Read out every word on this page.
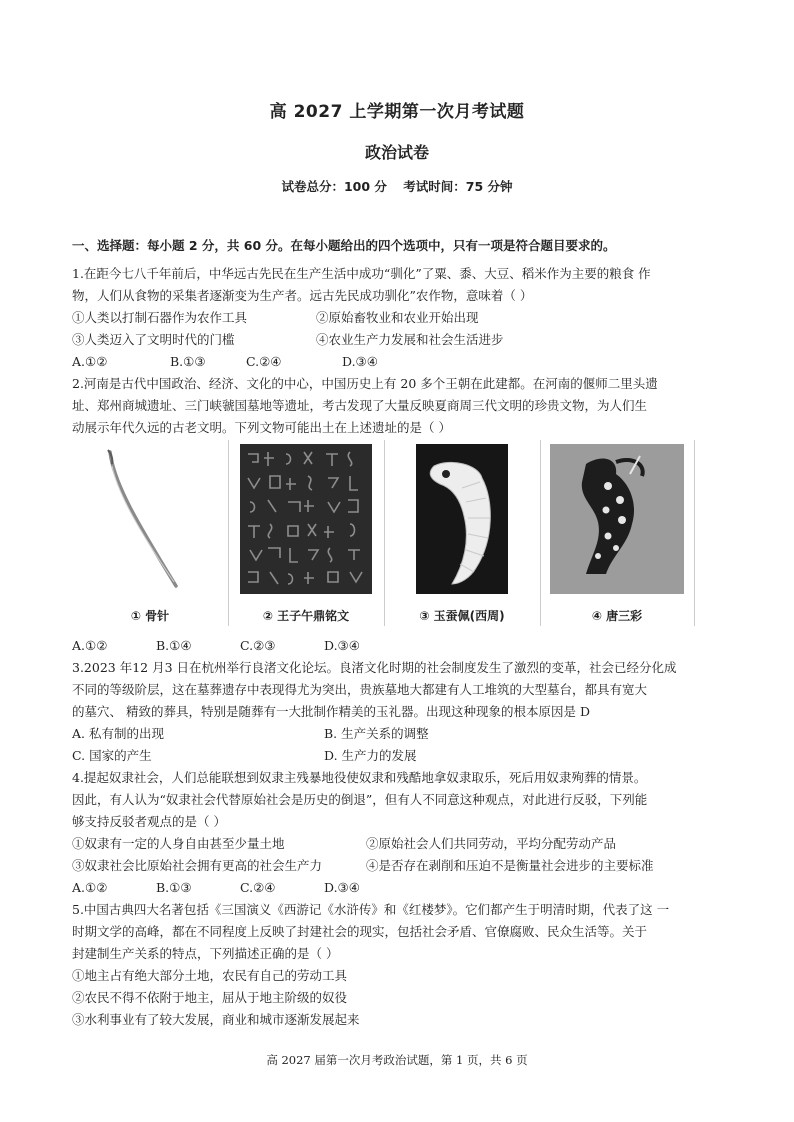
高 2027 上学期第一次月考试题
政治试卷
试卷总分：100 分 考试时间：75 分钟
一、选择题：每小题 2 分，共 60 分。在每小题给出的四个选项中，只有一项是符合题目要求的。
1.在距今七八千年前后，中华远古先民在生产生活中成功“驯化”了粟、黍、大豆、稻米作为主要的粮食 作
物，人们从食物的采集者逐渐变为生产者。远古先民成功驯化”农作物，意味着（ ）
①人类以打制石器作为农作工具	②原始畜牧业和农业开始出现
③人类迈入了文明时代的门槛	④农业生产力发展和社会生活进步
A.①②	B.①③	C.②④	D.③④
2.河南是古代中国政治、经济、文化的中心，中国历史上有 20 多个王朝在此建都。在河南的偃师二里头遗
址、郑州商城遗址、三门峡虢国墓地等遗址，考古发现了大量反映夏商周三代文明的珍贵文物，为人们生
动展示年代久远的古老文明。下列文物可能出土在上述遗址的是（ ）
① 骨针	② 王子午鼎铭文	③ 玉蚕佩(西周)	④ 唐三彩
A.①②	B.①④	C.②③	D.③④
3.2023 年12 月3 日在杭州举行良渚文化论坛。良渚文化时期的社会制度发生了激烈的变革，社会已经分化成
不同的等级阶层，这在墓葬遗存中表现得尤为突出，贵族墓地大都建有人工堆筑的大型墓台，都具有宽大
的墓穴、 精致的葬具，特别是随葬有一大批制作精美的玉礼器。出现这种现象的根本原因是 D
A. 私有制的出现	B. 生产关系的调整
C. 国家的产生	D. 生产力的发展
4.提起奴隶社会，人们总能联想到奴隶主残暴地役使奴隶和残酷地拿奴隶取乐，死后用奴隶殉葬的情景。
因此，有人认为“奴隶社会代替原始社会是历史的倒退”，但有人不同意这种观点，对此进行反驳，下列能
够支持反驳者观点的是（ ）
①奴隶有一定的人身自由甚至少量土地	②原始社会人们共同劳动，平均分配劳动产品
③奴隶社会比原始社会拥有更高的社会生产力	④是否存在剥削和压迫不是衡量社会进步的主要标准
A.①②	B.①③	C.②④	D.③④
5.中国古典四大名著包括《三国演义《西游记《水浒传》和《红楼梦》。它们都产生于明清时期，代表了这 一
时期文学的高峰，都在不同程度上反映了封建社会的现实，包括社会矛盾、官僚腐败、民众生活等。关于
封建制生产关系的特点，下列描述正确的是（ ）
①地主占有绝大部分土地，农民有自己的劳动工具
②农民不得不依附于地主，屈从于地主阶级的奴役
③水利事业有了较大发展，商业和城市逐渐发展起来
高 2027 届第一次月考政治试题，第 1 页，共 6 页
